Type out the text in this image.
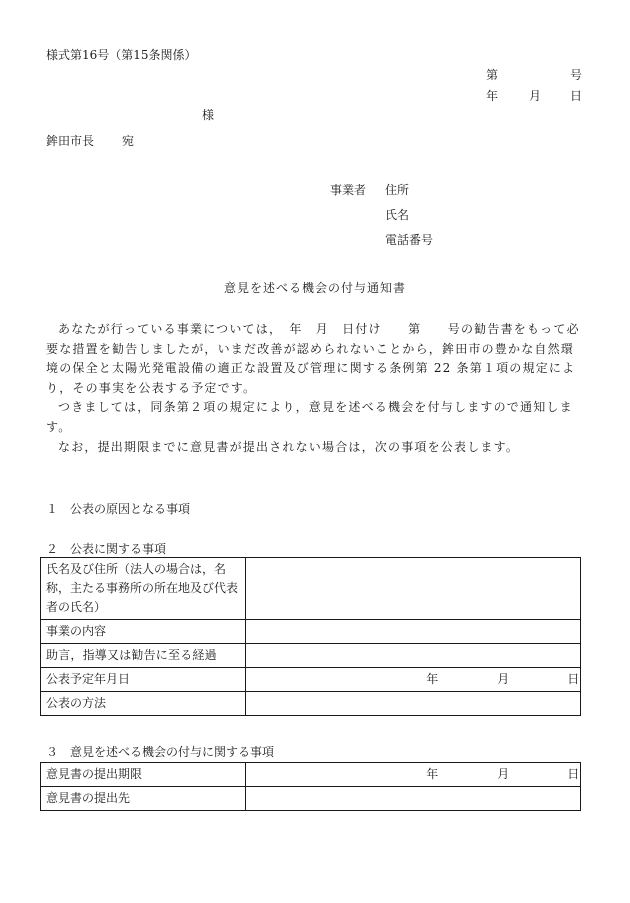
様式第16号（第15条関係）
第	号
年	月 日
様
鉾田市長 宛
事業者 住所
氏名
電話番号
意見を述べる機会の付与通知書

あなたが行っている事業については，　年　月　日付け　　第　　号の勧告書をもって必要な措置を勧告しましたが，いまだ改善が認められないことから，鉾田市の豊かな自然環境の保全と太陽光発電設備の適正な設置及び管理に関する条例第 22 条第１項の規定により，その事実を公表する予定です。

つきましては，同条第２項の規定により，意見を述べる機会を付与しますので通知します。

なお，提出期限までに意見書が提出されない場合は，次の事項を公表します。

１　公表の原因となる事項
２　公表に関する事項
氏名及び住所（法人の場合は，名称，主たる事務所の所在地及び代表者の氏名）	
事業の内容	
助言，指導又は勧告に至る経過	
公表予定年月日	年 月 日

公表の方法	
３　意見を述べる機会の付与に関する事項
意見書の提出期限	年 月 日

意見書の提出先	
